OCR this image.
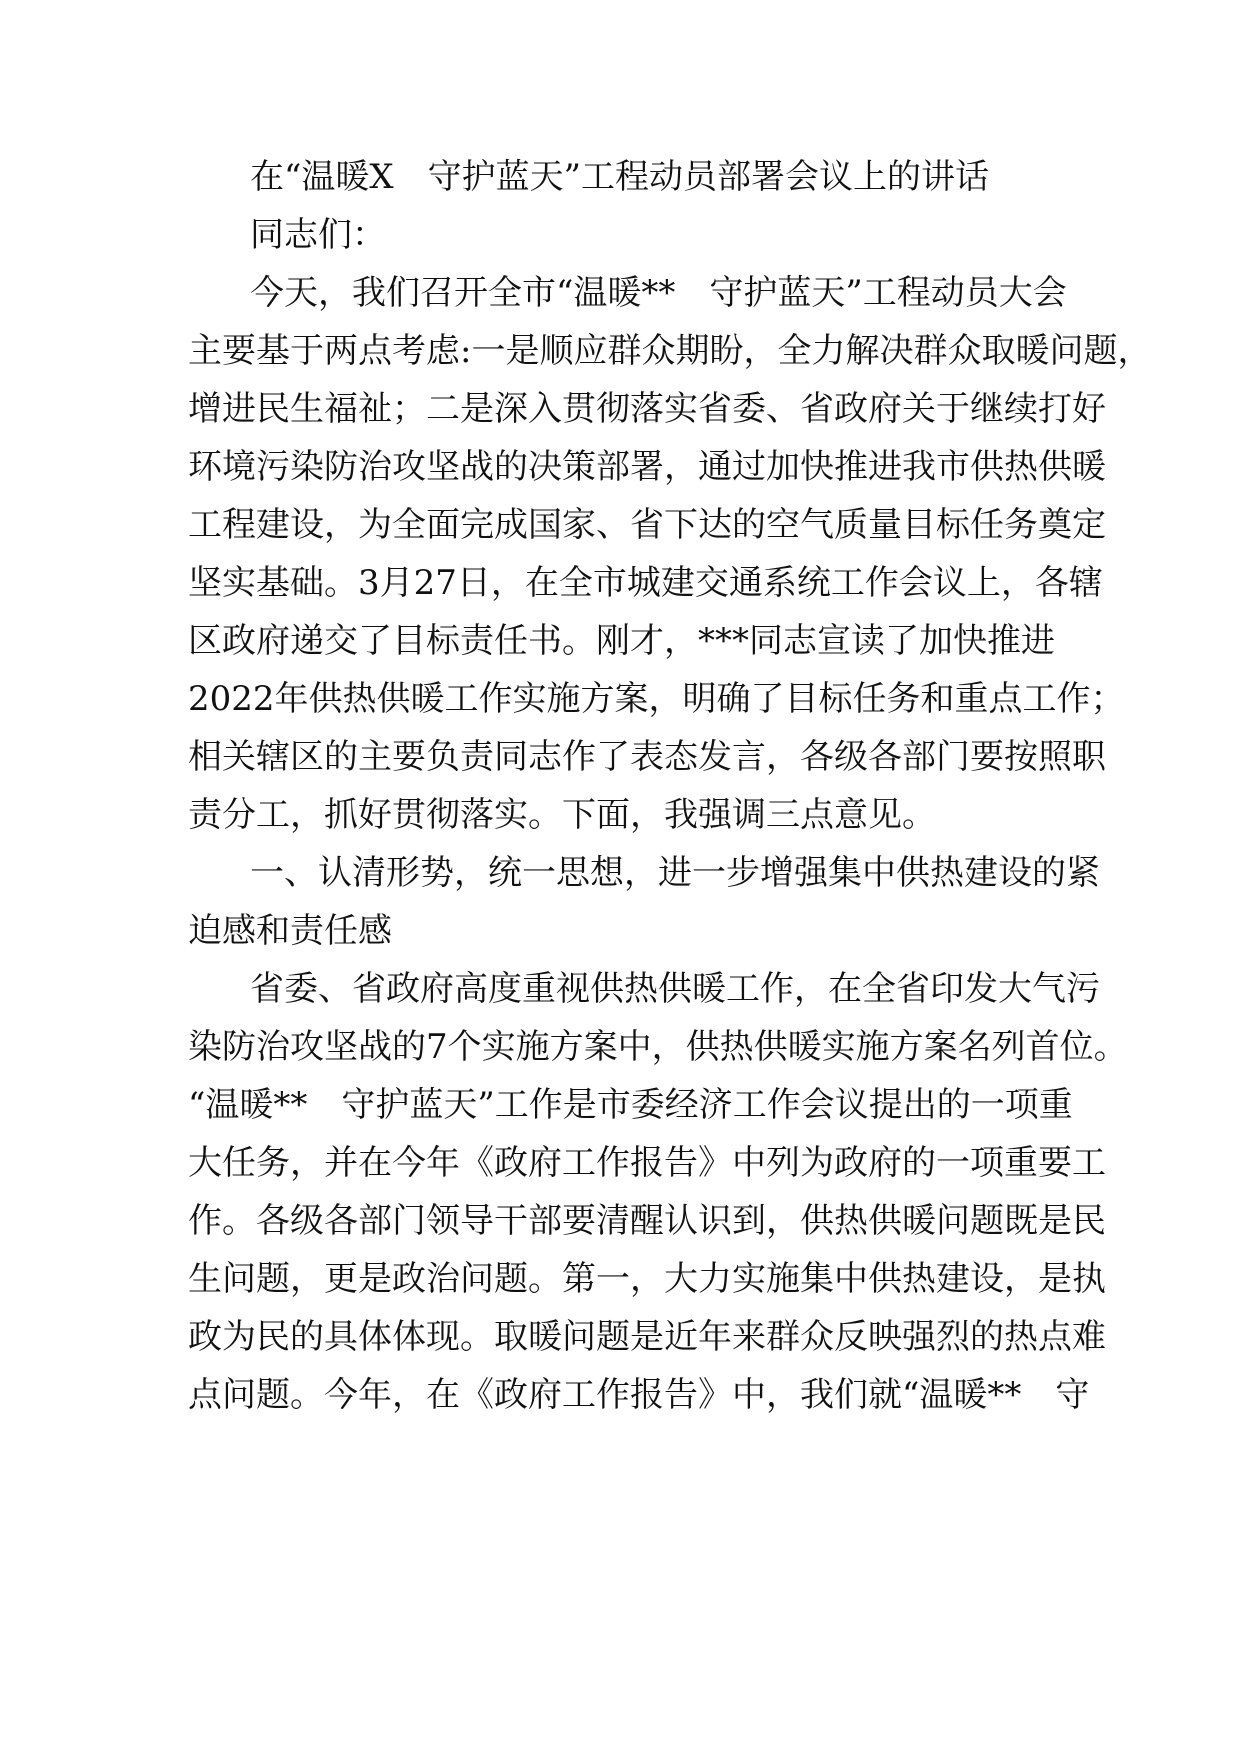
在“温暖X　守护蓝天”工程动员部署会议上的讲话
同志们：
今天，我们召开全市“温暖**　守护蓝天”工程动员大会
主要基于两点考虑:一是顺应群众期盼，全力解决群众取暖问题，
增进民生福祉；二是深入贯彻落实省委、省政府关于继续打好
环境污染防治攻坚战的决策部署，通过加快推进我市供热供暖
工程建设，为全面完成国家、省下达的空气质量目标任务奠定
坚实基础。3月27日，在全市城建交通系统工作会议上，各辖
区政府递交了目标责任书。刚才，***同志宣读了加快推进
2022年供热供暖工作实施方案，明确了目标任务和重点工作；
相关辖区的主要负责同志作了表态发言，各级各部门要按照职
责分工，抓好贯彻落实。下面，我强调三点意见。
一、认清形势，统一思想，进一步增强集中供热建设的紧
迫感和责任感
省委、省政府高度重视供热供暖工作，在全省印发大气污
染防治攻坚战的7个实施方案中，供热供暖实施方案名列首位。
“温暖**　守护蓝天”工作是市委经济工作会议提出的一项重
大任务，并在今年《政府工作报告》中列为政府的一项重要工
作。各级各部门领导干部要清醒认识到，供热供暖问题既是民
生问题，更是政治问题。第一，大力实施集中供热建设，是执
政为民的具体体现。取暖问题是近年来群众反映强烈的热点难
点问题。今年，在《政府工作报告》中，我们就“温暖**　守
